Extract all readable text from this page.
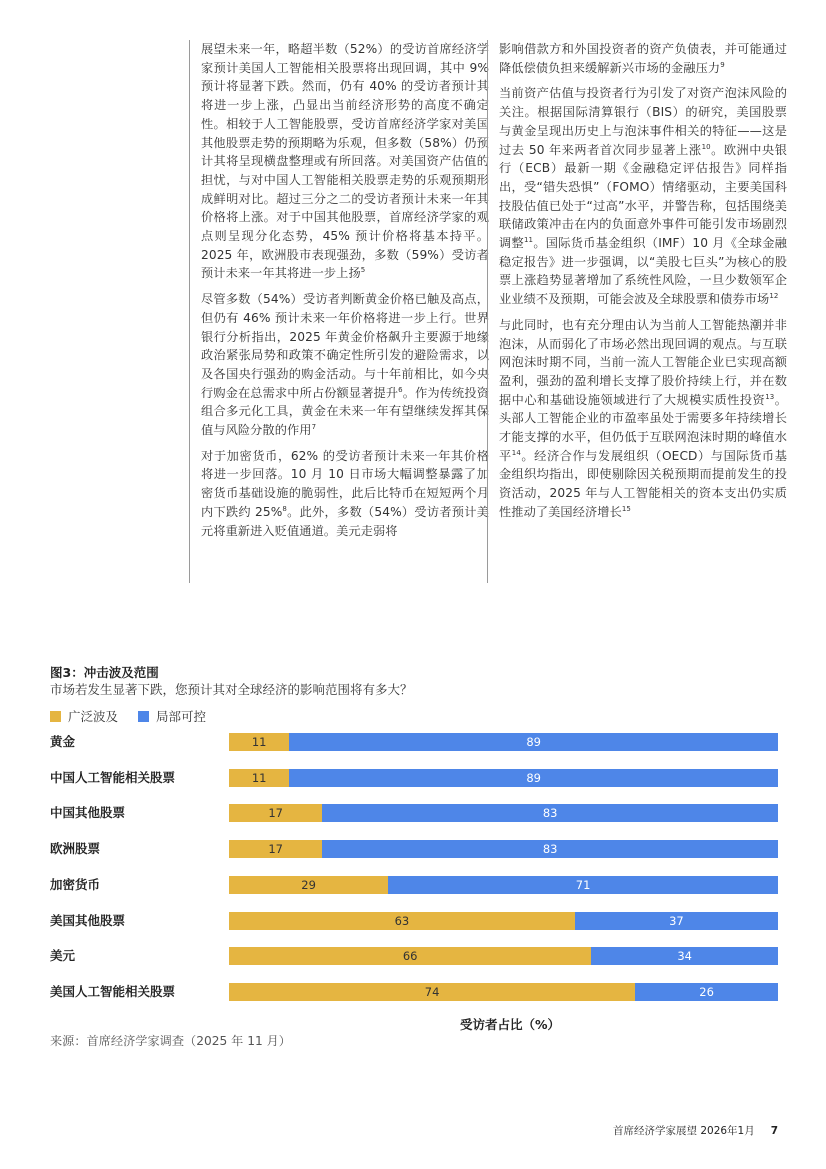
展望未来一年，略超半数（52%）的受访首席经济学家预计美国人工智能相关股票将出现回调，其中 9% 预计将显著下跌。然而，仍有 40% 的受访者预计其将进一步上涨，凸显出当前经济形势的高度不确定性。相较于人工智能股票，受访首席经济学家对美国其他股票走势的预期略为乐观，但多数（58%）仍预计其将呈现横盘整理或有所回落。对美国资产估值的担忧，与对中国人工智能相关股票走势的乐观预期形成鲜明对比。超过三分之二的受访者预计未来一年其价格将上涨。对于中国其他股票，首席经济学家的观点则呈现分化态势，45% 预计价格将基本持平。2025 年，欧洲股市表现强劲，多数（59%）受访者预计未来一年其将进一步上扬$^5$

尽管多数（54%）受访者判断黄金价格已触及高点，但仍有 46% 预计未来一年价格将进一步上行。世界银行分析指出，2025 年黄金价格飙升主要源于地缘政治紧张局势和政策不确定性所引发的避险需求，以及各国央行强劲的购金活动。与十年前相比，如今央行购金在总需求中所占份额显著提升$^6$。作为传统投资组合多元化工具，黄金在未来一年有望继续发挥其保值与风险分散的作用$^7$

对于加密货币，62% 的受访者预计未来一年其价格将进一步回落。10 月 10 日市场大幅调整暴露了加密货币基础设施的脆弱性，此后比特币在短短两个月内下跌约 25%$^8$。此外，多数（54%）受访者预计美元将重新进入贬值通道。美元走弱将

影响借款方和外国投资者的资产负债表，并可能通过降低偿债负担来缓解新兴市场的金融压力$^9$

当前资产估值与投资者行为引发了对资产泡沫风险的关注。根据国际清算银行（BIS）的研究，美国股票与黄金呈现出历史上与泡沫事件相关的特征——这是过去 50 年来两者首次同步显著上涨$^{10}$。欧洲中央银行（ECB）最新一期《金融稳定评估报告》同样指出，受“错失恐惧”（FOMO）情绪驱动，主要美国科技股估值已处于“过高”水平，并警告称，包括围绕美联储政策冲击在内的负面意外事件可能引发市场剧烈调整$^{11}$。国际货币基金组织（IMF）10 月《全球金融稳定报告》进一步强调，以“美股七巨头”为核心的股票上涨趋势显著增加了系统性风险，一旦少数领军企业业绩不及预期，可能会波及全球股票和债券市场$^{12}$

与此同时，也有充分理由认为当前人工智能热潮并非泡沫，从而弱化了市场必然出现回调的观点。与互联网泡沫时期不同，当前一流人工智能企业已实现高额盈利，强劲的盈利增长支撑了股价持续上行，并在数据中心和基础设施领域进行了大规模实质性投资$^{13}$。头部人工智能企业的市盈率虽处于需要多年持续增长才能支撑的水平，但仍低于互联网泡沫时期的峰值水平$^{14}$。经济合作与发展组织（OECD）与国际货币基金组织均指出，即使剔除因关税预期而提前发生的投资活动，2025 年与人工智能相关的资本支出仍实质性推动了美国经济增长$^{15}$

图3：冲击波及范围
市场若发生显著下跌，您预计其对全球经济的影响范围将有多大？
广泛波及	局部可控
黄金	11	89
中国人工智能相关股票	11	89
中国其他股票	17	83
欧洲股票	17	83
加密货币	29	71
美国其他股票	63	37
美元	66	34
美国人工智能相关股票	74	26
受访者占比（%）
来源：首席经济学家调查（2025 年 11 月）
首席经济学家展望 2026年1月 7
